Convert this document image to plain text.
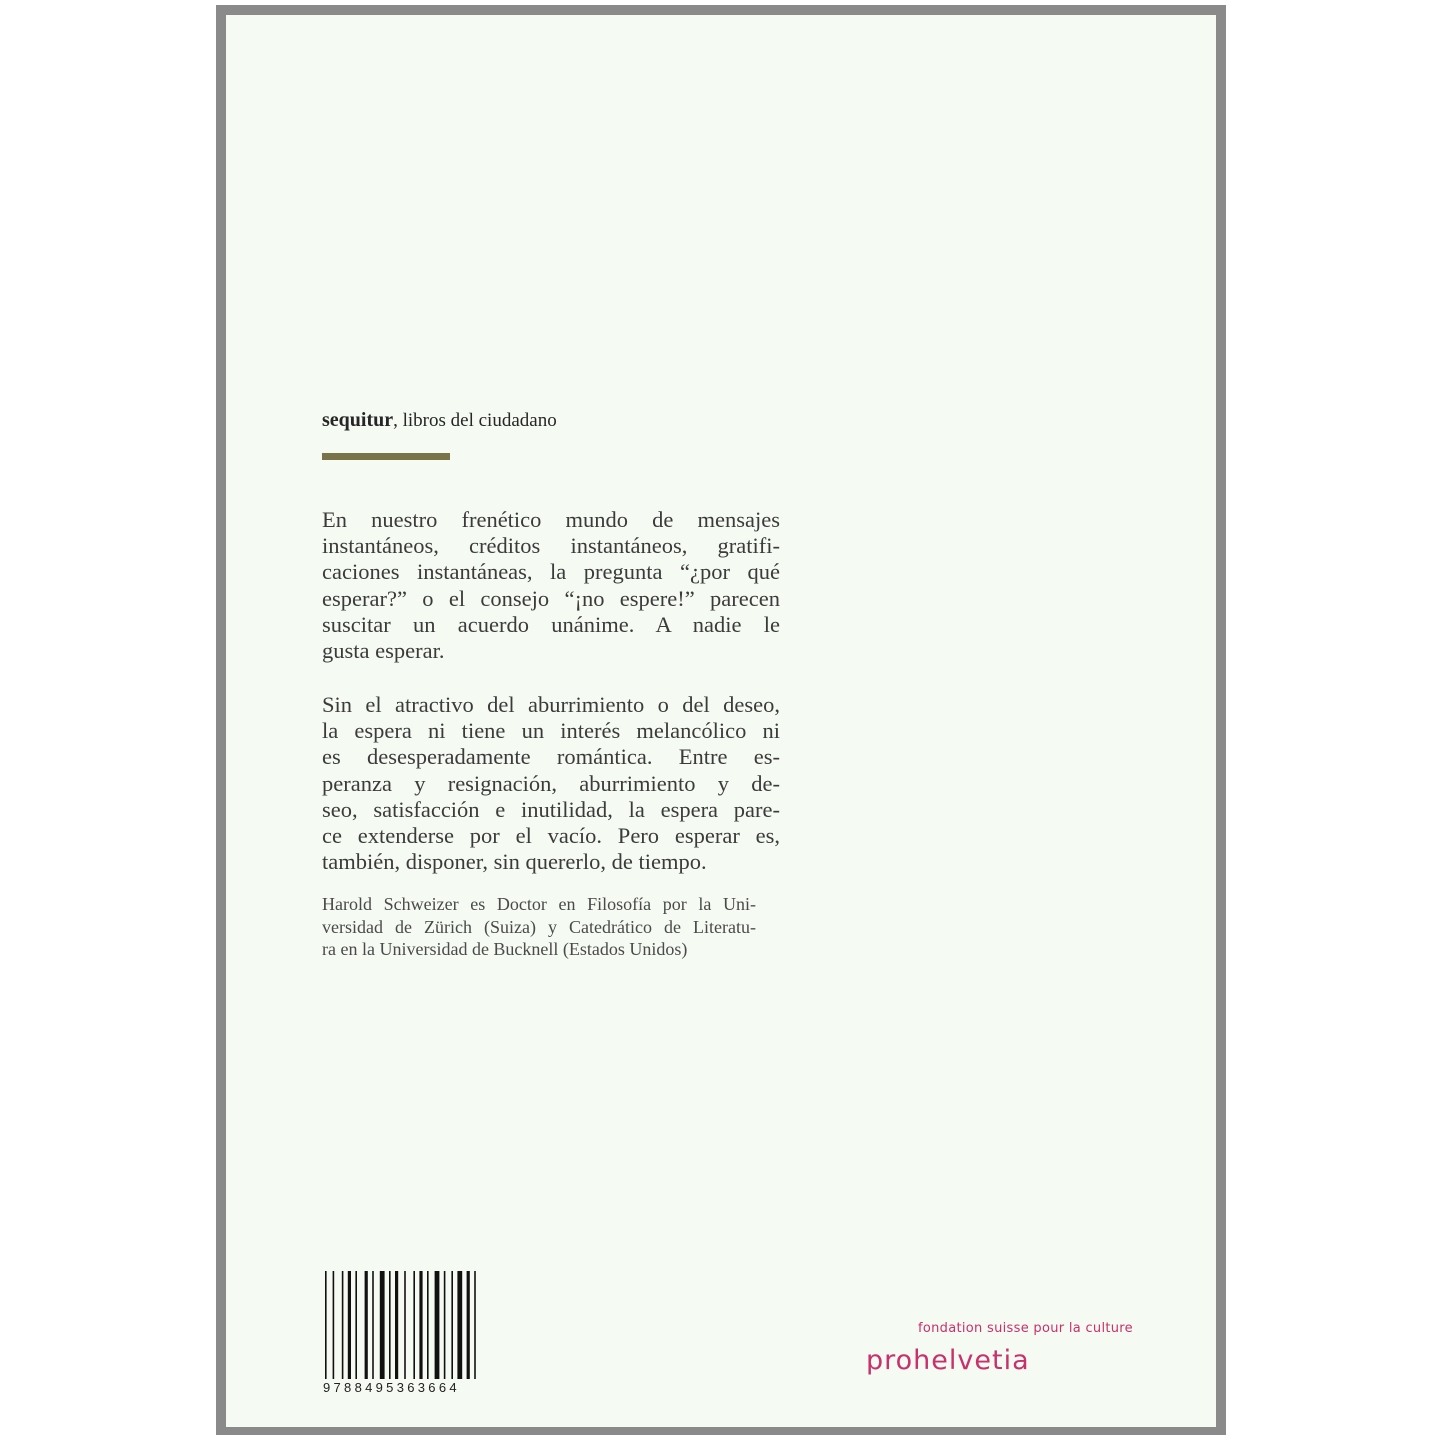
sequitur, libros del ciudadano
En nuestro frenético mundo de mensajes
instantáneos, créditos instantáneos, gratifi-
caciones instantáneas, la pregunta “¿por qué
esperar?” o el consejo “¡no espere!” parecen
suscitar un acuerdo unánime. A nadie le
gusta esperar.
Sin el atractivo del aburrimiento o del deseo,
la espera ni tiene un interés melancólico ni
es desesperadamente romántica. Entre es-
peranza y resignación, aburrimiento y de-
seo, satisfacción e inutilidad, la espera pare-
ce extenderse por el vacío. Pero esperar es,
también, disponer, sin quererlo, de tiempo.
Harold Schweizer es Doctor en Filosofía por la Uni-
versidad de Zürich (Suiza) y Catedrático de Literatu-
ra en la Universidad de Bucknell (Estados Unidos)
9788495363664
fondation suisse pour la culture
prohelvetia
